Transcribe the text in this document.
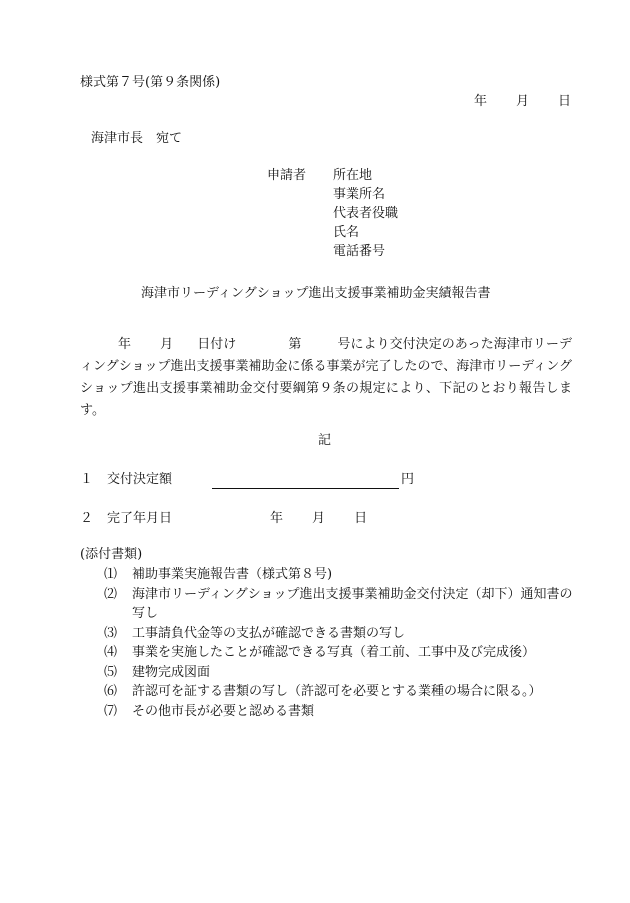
様式第７号(第９条関係)
年 月 日
海津市長　宛て
申請者 所在地
事業所名
代表者役職
氏名
電話番号
海津市リーディングショップ進出支援事業補助金実績報告書
年 月 日付け	第	号により交付決定のあった海津市リーディングショップ進出支援事業補助金に係る事業が完了したので、海津市リーディングショップ進出支援事業補助金交付要綱第９条の規定により、下記のとおり報告します。
記
１ 交付決定額	円
２ 完了年月日	年 月 日
(添付書類)
⑴ 補助事業実施報告書（様式第８号)
⑵	海津市リーディングショップ進出支援事業補助金交付決定（却下）通知書の写し
⑶ 工事請負代金等の支払が確認できる書類の写し
⑷ 事業を実施したことが確認できる写真（着工前、工事中及び完成後）
⑸ 建物完成図面
⑹ 許認可を証する書類の写し（許認可を必要とする業種の場合に限る。）
⑺ その他市長が必要と認める書類
